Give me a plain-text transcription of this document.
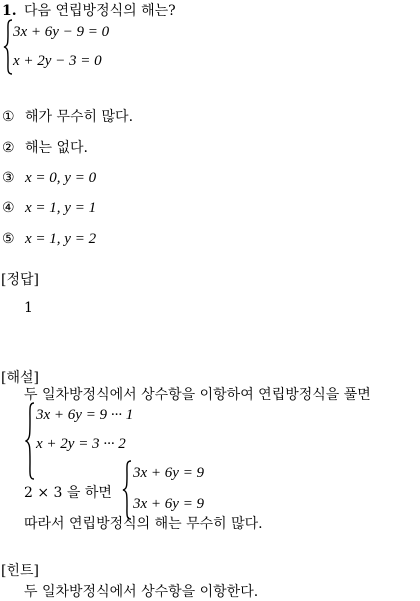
1. 다음 연립방정식의 해는?
3x + 6y − 9 = 0
x + 2y − 3 = 0
① 해가 무수히 많다.
② 해는 없다.
③ x = 0, y = 0
④ x = 1, y = 1
⑤ x = 1, y = 2
[정답]
1
[해설]
두 일차방정식에서 상수항을 이항하여 연립방정식을 풀면
3x + 6y = 9 ··· 1
x + 2y = 3 ··· 2
2 × 3 을 하면
3x + 6y = 9
3x + 6y = 9
따라서 연립방정식의 해는 무수히 많다.
[힌트]
두 일차방정식에서 상수항을 이항한다.
